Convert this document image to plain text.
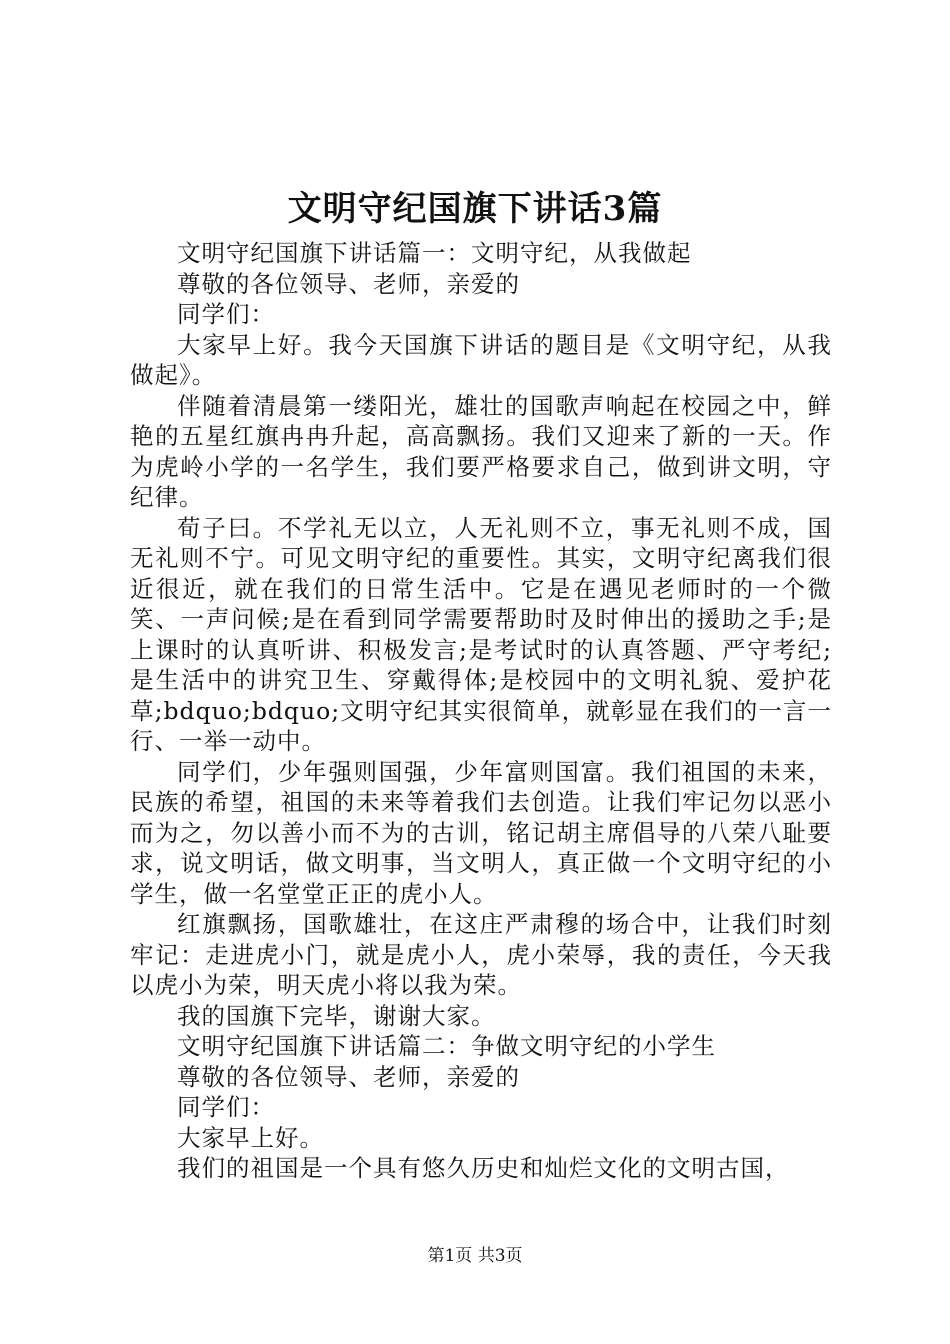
文明守纪国旗下讲话3篇

文明守纪国旗下讲话篇一：文明守纪，从我做起

尊敬的各位领导、老师，亲爱的

同学们：

大家早上好。我今天国旗下讲话的题目是《文明守纪，从我做起》。

伴随着清晨第一缕阳光，雄壮的国歌声响起在校园之中，鲜艳的五星红旗冉冉升起，高高飘扬。我们又迎来了新的一天。作为虎岭小学的一名学生，我们要严格要求自己，做到讲文明，守纪律。

荀子曰。不学礼无以立，人无礼则不立，事无礼则不成，国无礼则不宁。可见文明守纪的重要性。其实，文明守纪离我们很近很近，就在我们的日常生活中。它是在遇见老师时的一个微笑、一声问候;是在看到同学需要帮助时及时伸出的援助之手;是上课时的认真听讲、积极发言;是考试时的认真答题、严守考纪;是生活中的讲究卫生、穿戴得体;是校园中的文明礼貌、爱护花草;bdquo;bdquo;文明守纪其实很简单，就彰显在我们的一言一行、一举一动中。

同学们，少年强则国强，少年富则国富。我们祖国的未来，民族的希望，祖国的未来等着我们去创造。让我们牢记勿以恶小而为之，勿以善小而不为的古训，铭记胡主席倡导的八荣八耻要求，说文明话，做文明事，当文明人，真正做一个文明守纪的小学生，做一名堂堂正正的虎小人。

红旗飘扬，国歌雄壮，在这庄严肃穆的场合中，让我们时刻牢记：走进虎小门，就是虎小人，虎小荣辱，我的责任，今天我以虎小为荣，明天虎小将以我为荣。

我的国旗下完毕，谢谢大家。

文明守纪国旗下讲话篇二：争做文明守纪的小学生

尊敬的各位领导、老师，亲爱的

同学们：

大家早上好。

我们的祖国是一个具有悠久历史和灿烂文化的文明古国，

第1页 共3页
